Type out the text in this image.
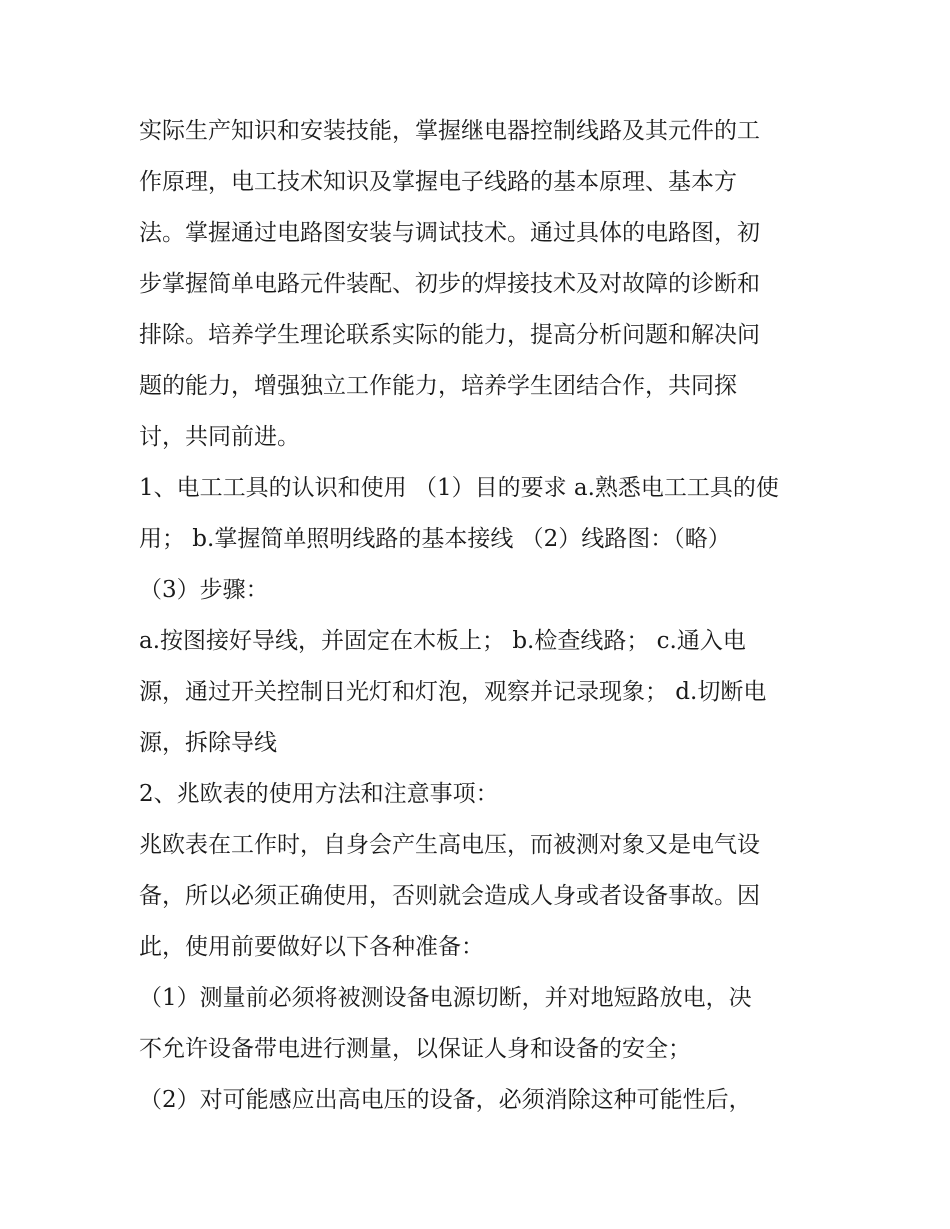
实际生产知识和安装技能，掌握继电器控制线路及其元件的工
作原理，电工技术知识及掌握电子线路的基本原理、基本方
法。掌握通过电路图安装与调试技术。通过具体的电路图，初
步掌握简单电路元件装配、初步的焊接技术及对故障的诊断和
排除。培养学生理论联系实际的能力，提高分析问题和解决问
题的能力，增强独立工作能力，培养学生团结合作，共同探
讨，共同前进。
1、电工工具的认识和使用 （1）目的要求 a.熟悉电工工具的使
用； b.掌握简单照明线路的基本接线 （2）线路图：（略）
（3）步骤：
a.按图接好导线，并固定在木板上； b.检查线路； c.通入电
源，通过开关控制日光灯和灯泡，观察并记录现象； d.切断电
源，拆除导线
2、兆欧表的使用方法和注意事项：
兆欧表在工作时，自身会产生高电压，而被测对象又是电气设
备，所以必须正确使用，否则就会造成人身或者设备事故。因
此，使用前要做好以下各种准备：
（1）测量前必须将被测设备电源切断，并对地短路放电，决
不允许设备带电进行测量，以保证人身和设备的安全；
（2）对可能感应出高电压的设备，必须消除这种可能性后，
